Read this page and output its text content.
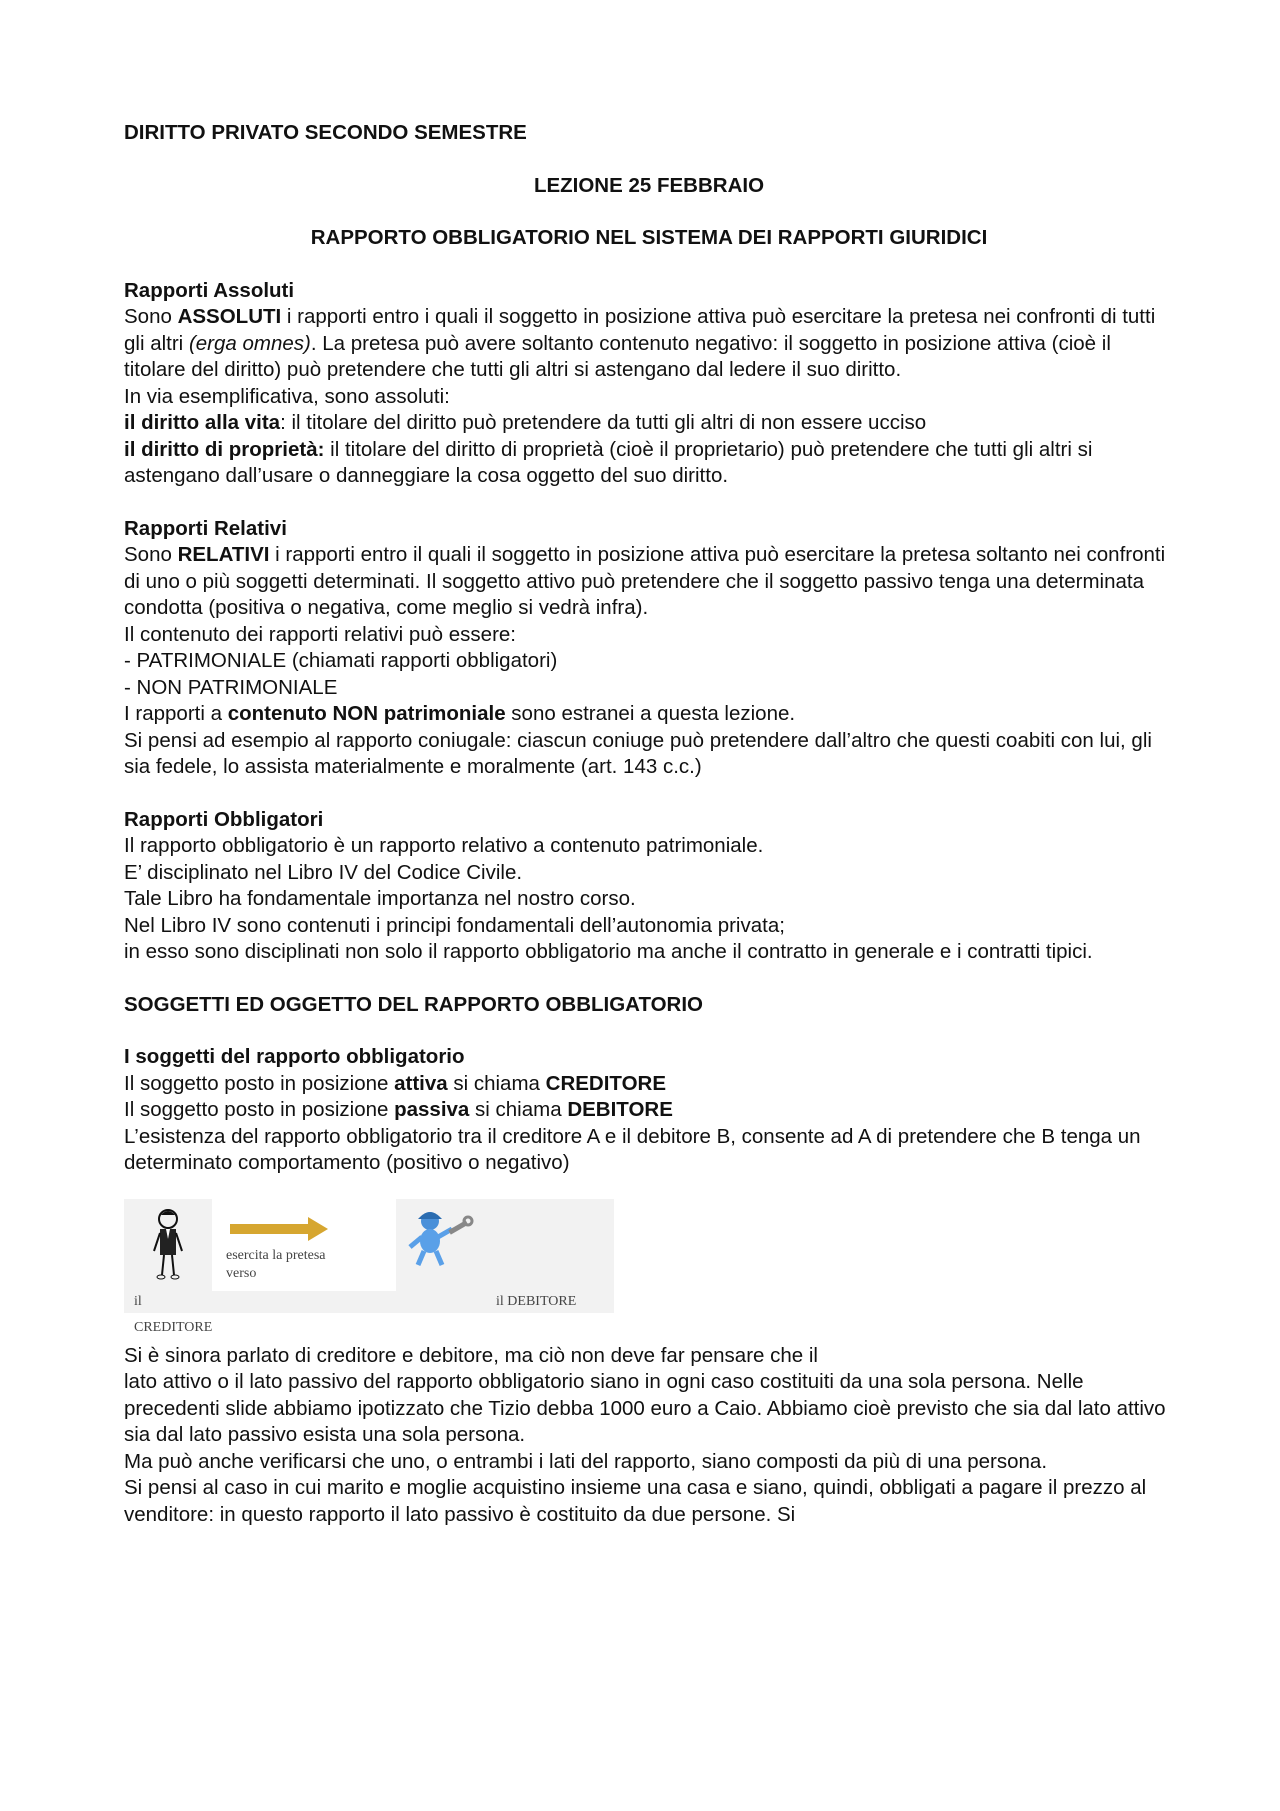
DIRITTO PRIVATO SECONDO SEMESTRE
LEZIONE 25 FEBBRAIO
RAPPORTO OBBLIGATORIO NEL SISTEMA DEI RAPPORTI GIURIDICI
Rapporti Assoluti
Sono ASSOLUTI i rapporti entro i quali il soggetto in posizione attiva può esercitare la pretesa nei confronti di tutti gli altri (erga omnes). La pretesa può avere soltanto contenuto negativo: il soggetto in posizione attiva (cioè il titolare del diritto) può pretendere che tutti gli altri si astengano dal ledere il suo diritto.
In via esemplificativa, sono assoluti:
il diritto alla vita: il titolare del diritto può pretendere da tutti gli altri di non essere ucciso
il diritto di proprietà: il titolare del diritto di proprietà (cioè il proprietario) può pretendere che tutti gli altri si astengano dall’usare o danneggiare la cosa oggetto del suo diritto.
Rapporti Relativi
Sono RELATIVI i rapporti entro il quali il soggetto in posizione attiva può esercitare la pretesa soltanto nei confronti di uno o più soggetti determinati. Il soggetto attivo può pretendere che il soggetto passivo tenga una determinata condotta (positiva o negativa, come meglio si vedrà infra).
Il contenuto dei rapporti relativi può essere:
- PATRIMONIALE (chiamati rapporti obbligatori)
- NON PATRIMONIALE
I rapporti a contenuto NON patrimoniale sono estranei a questa lezione.
Si pensi ad esempio al rapporto coniugale: ciascun coniuge può pretendere dall’altro che questi coabiti con lui, gli sia fedele, lo assista materialmente e moralmente (art. 143 c.c.)
Rapporti Obbligatori
Il rapporto obbligatorio è un rapporto relativo a contenuto patrimoniale.
E’ disciplinato nel Libro IV del Codice Civile.
Tale Libro ha fondamentale importanza nel nostro corso.
Nel Libro IV sono contenuti i principi fondamentali dell’autonomia privata;
in esso sono disciplinati non solo il rapporto obbligatorio ma anche il contratto in generale e i contratti tipici.
SOGGETTI ED OGGETTO DEL RAPPORTO OBBLIGATORIO
I soggetti del rapporto obbligatorio
Il soggetto posto in posizione attiva si chiama CREDITORE
Il soggetto posto in posizione passiva si chiama DEBITORE
L’esistenza del rapporto obbligatorio tra il creditore A e il debitore B, consente ad A di pretendere che B tenga un determinato comportamento (positivo o negativo)
il CREDITORE
esercita la pretesa
verso
il DEBITORE
Si è sinora parlato di creditore e debitore, ma ciò non deve far pensare che il
lato attivo o il lato passivo del rapporto obbligatorio siano in ogni caso costituiti da una sola persona. Nelle precedenti slide abbiamo ipotizzato che Tizio debba 1000 euro a Caio. Abbiamo cioè previsto che sia dal lato attivo sia dal lato passivo esista una sola persona.
Ma può anche verificarsi che uno, o entrambi i lati del rapporto, siano composti da più di una persona.
Si pensi al caso in cui marito e moglie acquistino insieme una casa e siano, quindi, obbligati a pagare il prezzo al venditore: in questo rapporto il lato passivo è costituito da due persone. Si
